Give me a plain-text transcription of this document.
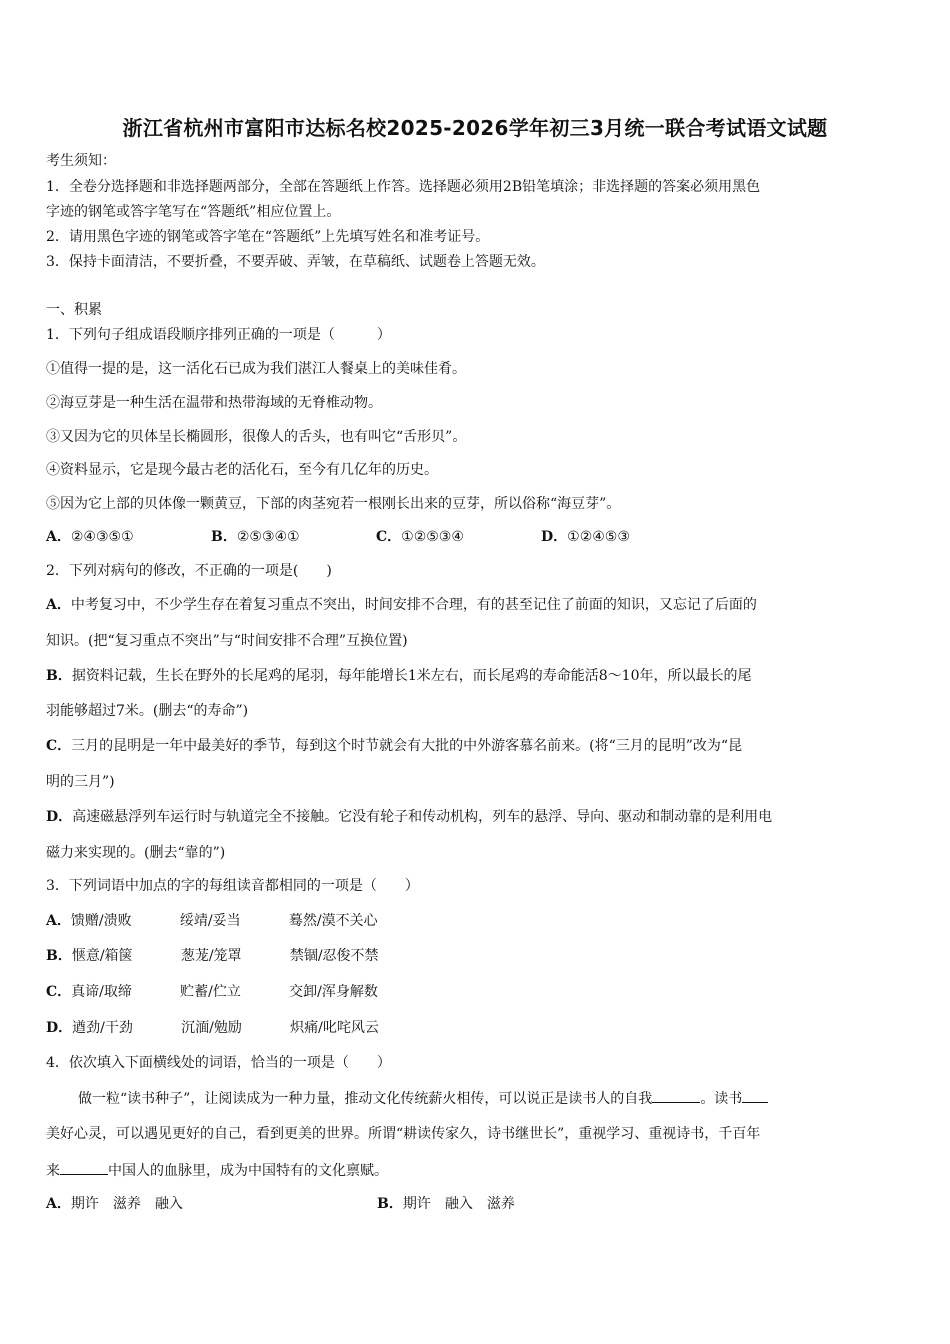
浙江省杭州市富阳市达标名校2025-2026学年初三3月统一联合考试语文试题
考生须知：
1．全卷分选择题和非选择题两部分，全部在答题纸上作答。选择题必须用2B铅笔填涂；非选择题的答案必须用黑色
字迹的钢笔或答字笔写在“答题纸”相应位置上。
2．请用黑色字迹的钢笔或答字笔在“答题纸”上先填写姓名和准考证号。
3．保持卡面清洁，不要折叠，不要弄破、弄皱，在草稿纸、试题卷上答题无效。
一、积累
1．下列句子组成语段顺序排列正确的一项是（　　　）
①值得一提的是，这一活化石已成为我们湛江人餐桌上的美味佳肴。
②海豆芽是一种生活在温带和热带海域的无脊椎动物。
③又因为它的贝体呈长椭圆形，很像人的舌头，也有叫它“舌形贝”。
④资料显示，它是现今最古老的活化石，至今有几亿年的历史。
⑤因为它上部的贝体像一颗黄豆，下部的肉茎宛若一根刚长出来的豆芽，所以俗称“海豆芽”。
A．②④③⑤①	B．②⑤③④①	C．①②⑤③④	D．①②④⑤③
2．下列对病句的修改，不正确的一项是(　　)
A．中考复习中，不少学生存在着复习重点不突出，时间安排不合理，有的甚至记住了前面的知识，又忘记了后面的
知识。(把“复习重点不突出”与“时间安排不合理”互换位置)
B．据资料记载，生长在野外的长尾鸡的尾羽，每年能增长1米左右，而长尾鸡的寿命能活8～10年，所以最长的尾
羽能够超过7米。(删去“的寿命”)
C．三月的昆明是一年中最美好的季节，每到这个时节就会有大批的中外游客慕名前来。(将“三月的昆明”改为“昆
明的三月”)
D．高速磁悬浮列车运行时与轨道完全不接触。它没有轮子和传动机构，列车的悬浮、导向、驱动和制动靠的是利用电
磁力来实现的。(删去“靠的”)
3．下列词语中加点的字的每组读音都相同的一项是（　　）
A．馈赠/溃败	绥靖/妥当	蓦然/漠不关心
B．惬意/箱箧	葱茏/笼罩	禁锢/忍俊不禁
C．真谛/取缔	贮蓄/伫立	交卸/浑身解数
D．遒劲/干劲	沉湎/勉励	炽痛/叱咤风云
4．依次填入下面横线处的词语，恰当的一项是（　　）
做一粒“读书种子”，让阅读成为一种力量，推动文化传统薪火相传，可以说正是读书人的自我	。读书
美好心灵，可以遇见更好的自己，看到更美的世界。所谓“耕读传家久，诗书继世长”，重视学习、重视诗书，千百年
来	中国人的血脉里，成为中国特有的文化禀赋。
A．期许　滋养　融入	B．期许　融入　滋养
